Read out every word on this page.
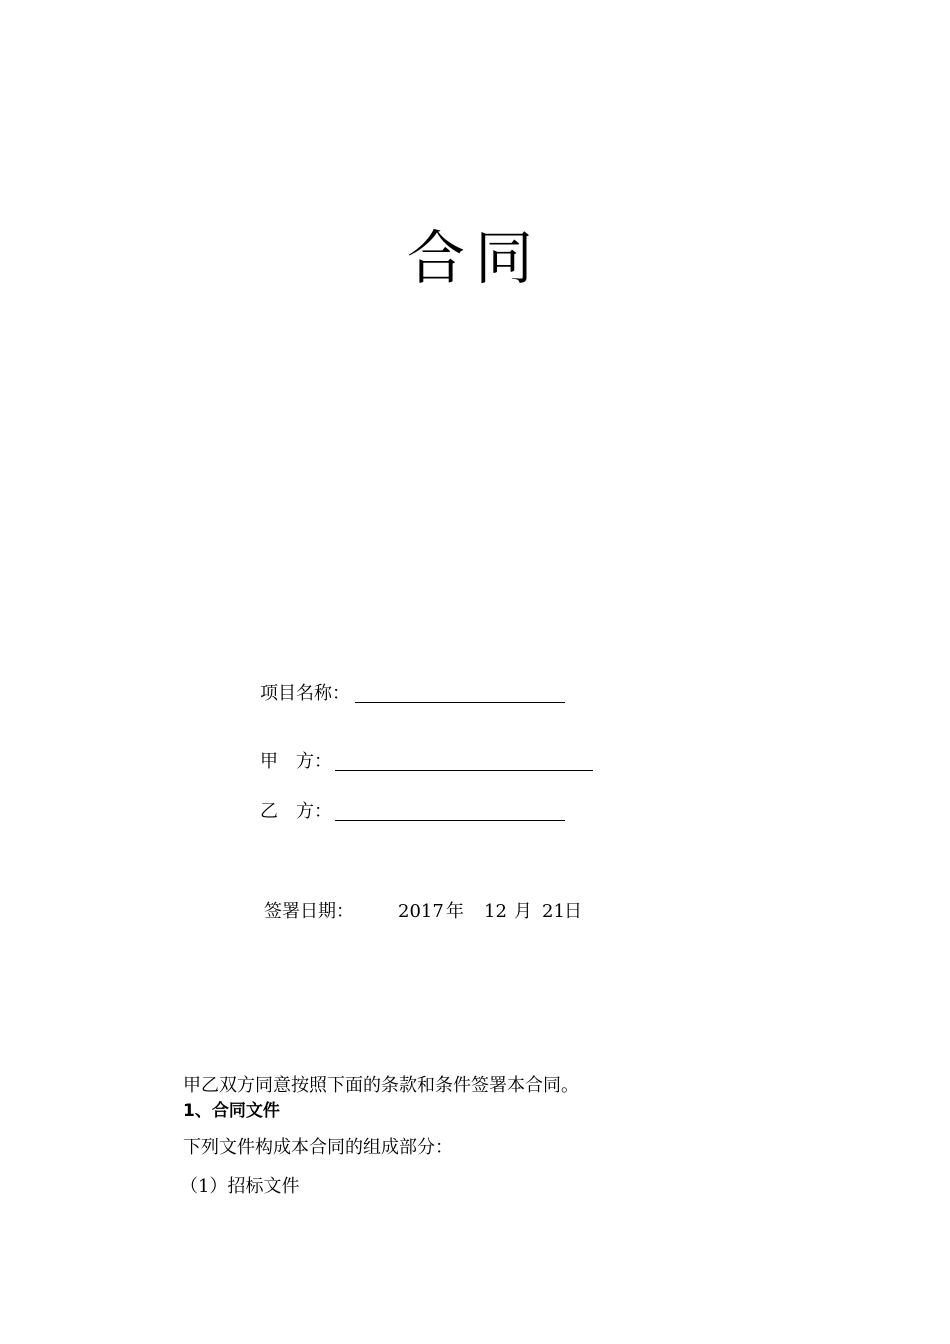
合同
项目名称：
甲　方：
乙　方：

签署日期：

2017

年

12

月

21

日

甲乙双方同意按照下面的条款和条件签署本合同。
1、合同文件
下列文件构成本合同的组成部分：
（1）招标文件
